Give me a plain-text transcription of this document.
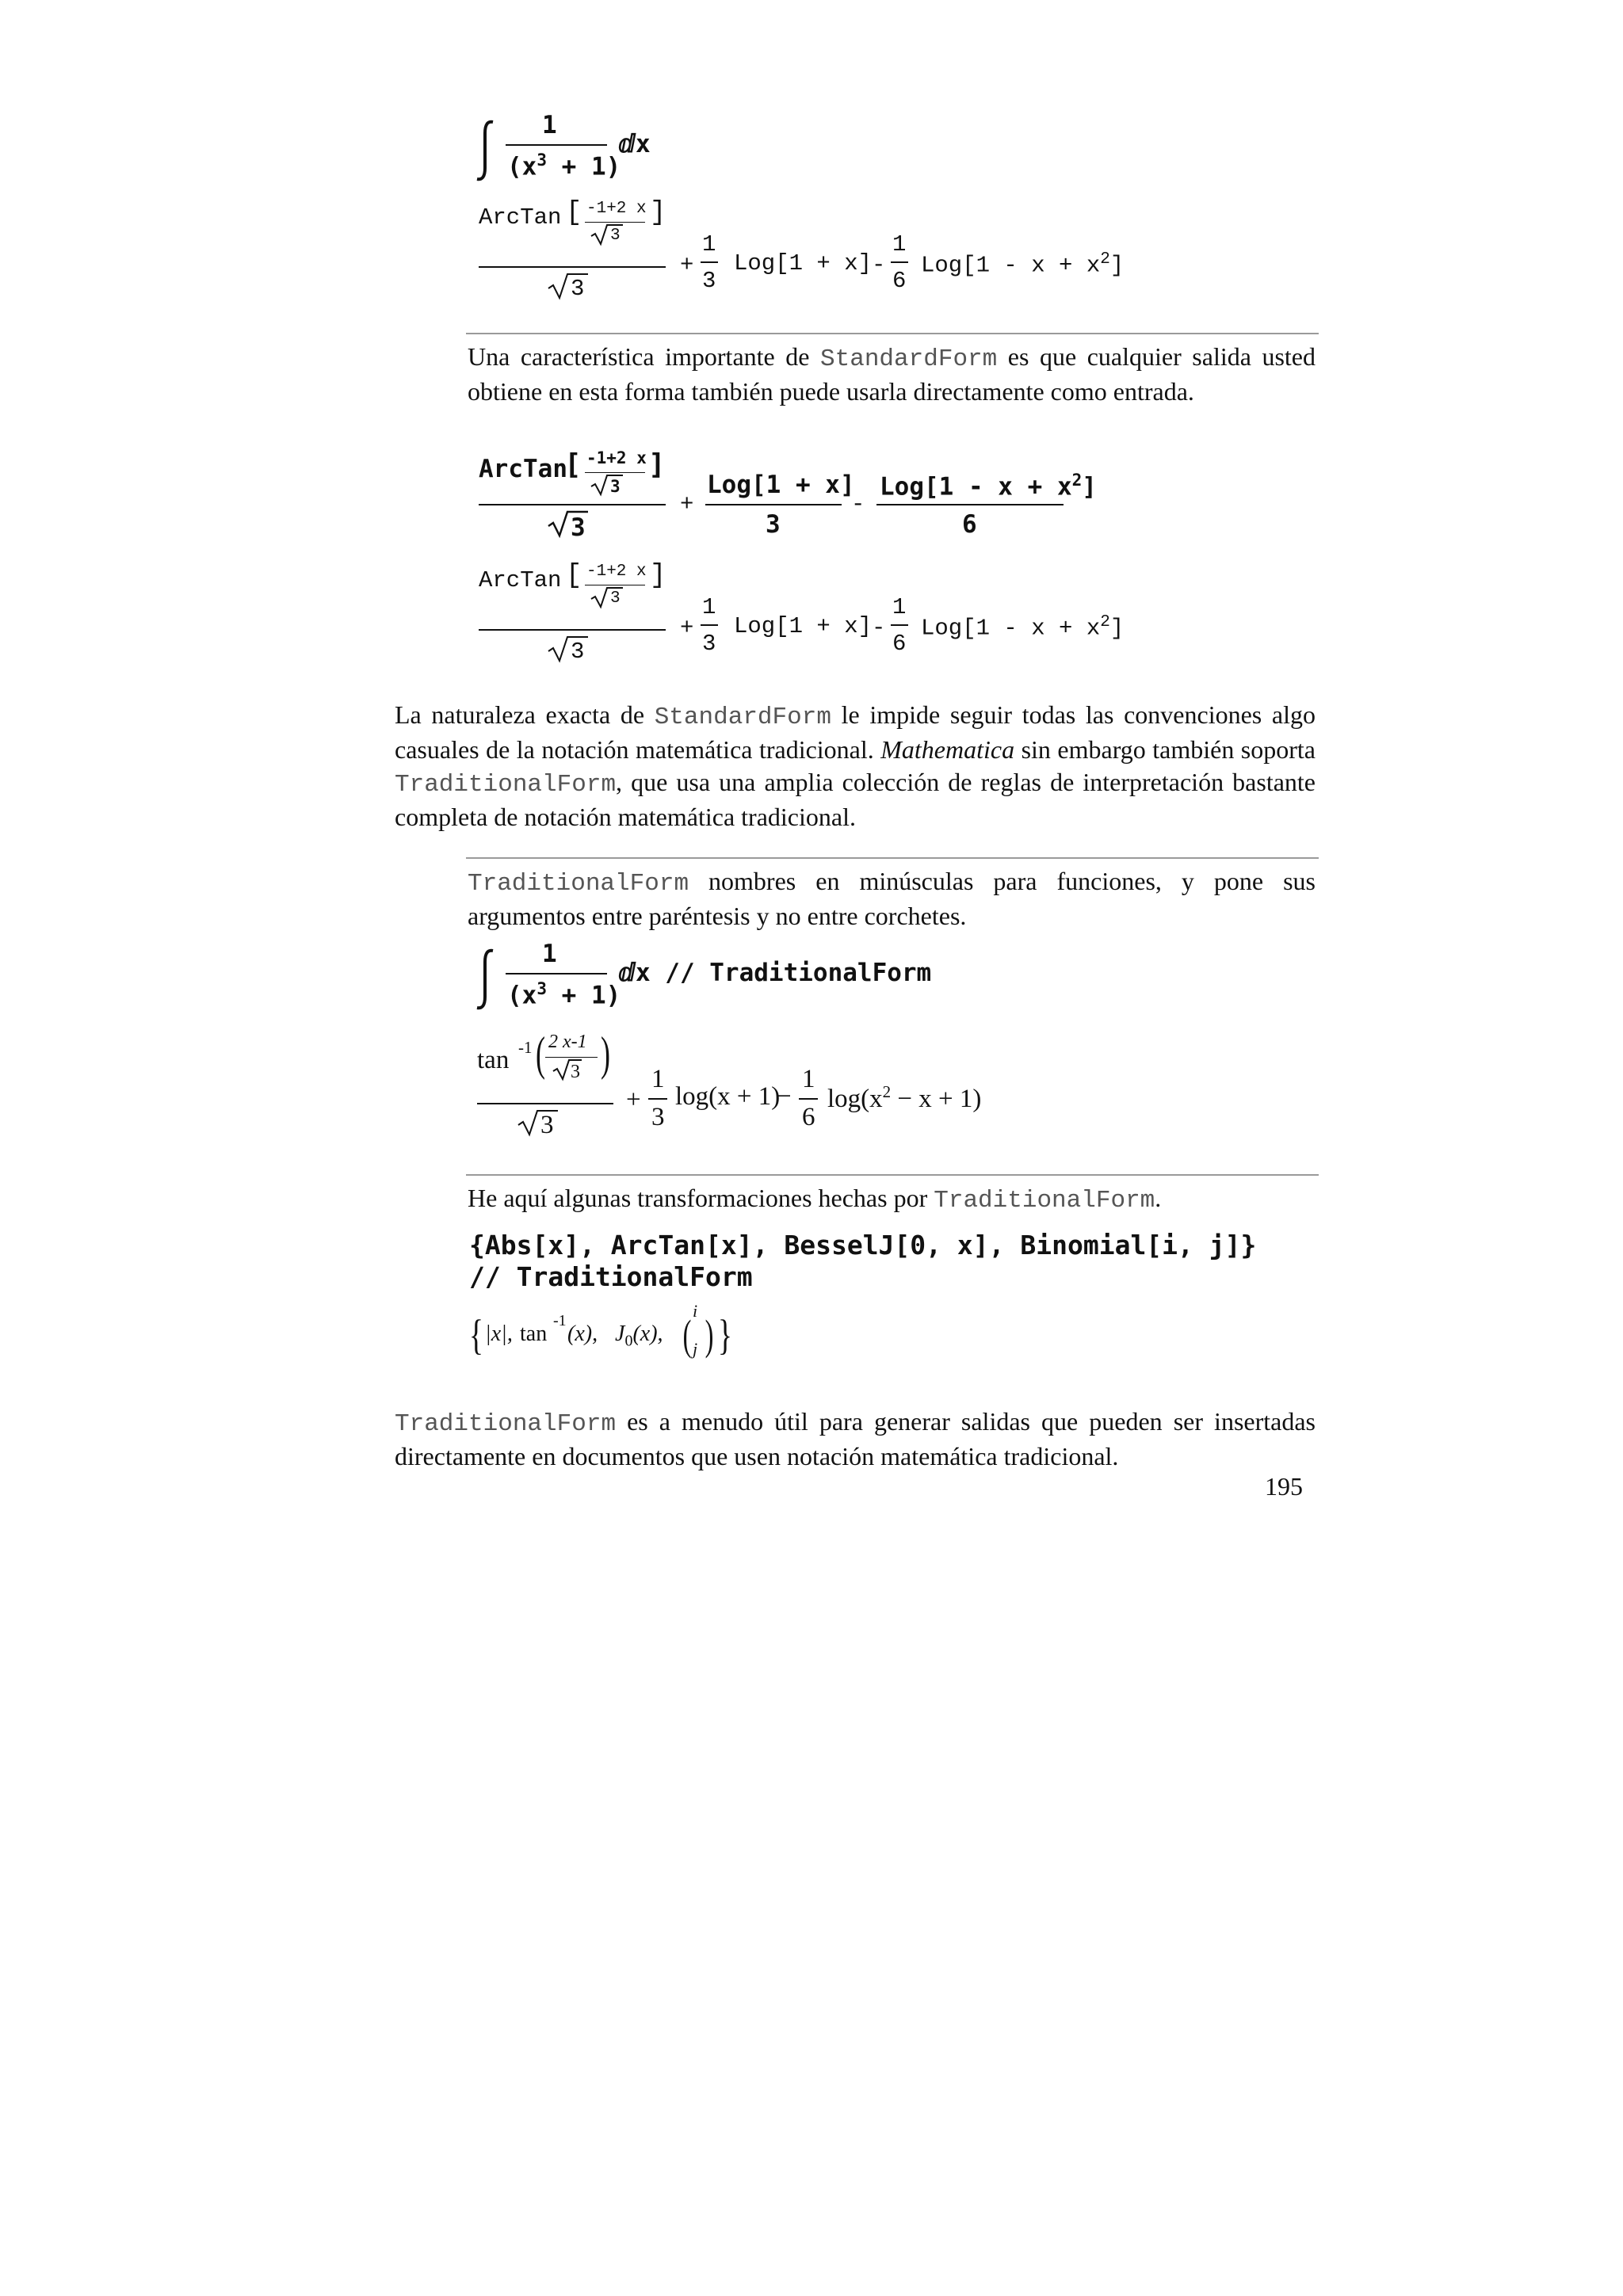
1
$(x^3 + 1)$
ⅆx
ArcTan [ -1+2 x
3
]
3
+
1
3
Log[1 + x] -
1
6
$Log[1 - x + x^2]$
Una característica importante de StandardForm es que cualquier salida usted obtiene en esta forma también puede usarla directamente como entrada.
ArcTan
[ -1+2 x
3
]
3
+
Log[1 + x]
3
-
$Log[1 - x + x^2]$
6
ArcTan [ -1+2 x
3
]
3
+
1
3
Log[1 + x] -
1
6
$Log[1 - x + x^2]$
La naturaleza exacta de StandardForm le impide seguir todas las convenciones algo casuales de la notación matemática tradicional. Mathematica sin embargo también soporta TraditionalForm, que usa una amplia colección de reglas de interpretación bastante completa de notación matemática tradicional.
TraditionalForm nombres en minúsculas para funciones, y pone sus argumentos entre paréntesis y no entre corchetes.
1
$(x^3 + 1)$
ⅆx // TraditionalForm
tan -1 ( 2 x-1
3 )
3
+
1
3
log(x + 1)
−
1
6
$\log(x^2 - x + 1)$
He aquí algunas transformaciones hechas por TraditionalForm.
{Abs[x], ArcTan[x], BesselJ[0, x], Binomial[i, j]}
// TraditionalForm
{ |x|, tan
-1
(x), $J_0(x)$, (
i
j ) }
TraditionalForm es a menudo útil para generar salidas que pueden ser insertadas directamente en documentos que usen notación matemática tradicional.
195
